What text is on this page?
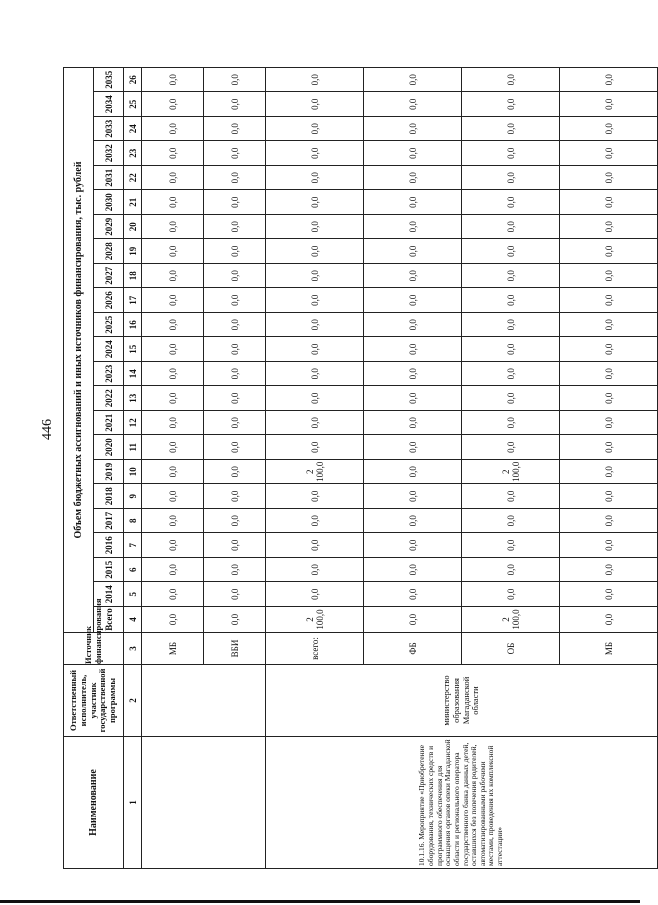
446
Наименование	Ответственный исполнитель, участник государственной программы	Источник финансирования	Объем бюджетных ассигнований и иных источников финансирования, тыс. рублей																						
			Всего	2014	2015	2016	2017	2018	2019	2020	2021	2022	2023	2024	2025	2026	2027	2028	2029	2030	2031	2032	2033	2034	2035
1	2	3	4	5	6	7	8	9	10	11	12	13	14	15	16	17	18	19	20	21	22	23	24	25	26
		МБ	0,0	0,0	0,0	0,0	0,0	0,0	0,0	0,0	0,0	0,0	0,0	0,0	0,0	0,0	0,0	0,0	0,0	0,0	0,0	0,0	0,0	0,0	0,0
		ВБИ	0,0	0,0	0,0	0,0	0,0	0,0	0,0	0,0	0,0	0,0	0,0	0,0	0,0	0,0	0,0	0,0	0,0	0,0	0,0	0,0	0,0	0,0	0,0
10.1.16. Мероприятие «Приобретение оборудования, технических средств и программного обеспечения для оснащения органов опеки Магаданской области и регионального оператора государственного банка данных детей, оставшихся без попечения родителей, автоматизированными рабочими местами, проведения их комплексной аттестации»	министерство образования Магаданской области	всего:	2 100,0	0,0	0,0	0,0	0,0	0,0	2 100,0	0,0	0,0	0,0	0,0	0,0	0,0	0,0	0,0	0,0	0,0	0,0	0,0	0,0	0,0	0,0	0,0
		ФБ	0,0	0,0	0,0	0,0	0,0	0,0	0,0	0,0	0,0	0,0	0,0	0,0	0,0	0,0	0,0	0,0	0,0	0,0	0,0	0,0	0,0	0,0	0,0
		ОБ	2 100,0	0,0	0,0	0,0	0,0	0,0	2 100,0	0,0	0,0	0,0	0,0	0,0	0,0	0,0	0,0	0,0	0,0	0,0	0,0	0,0	0,0	0,0	0,0
		МБ	0,0	0,0	0,0	0,0	0,0	0,0	0,0	0,0	0,0	0,0	0,0	0,0	0,0	0,0	0,0	0,0	0,0	0,0	0,0	0,0	0,0	0,0	0,0
